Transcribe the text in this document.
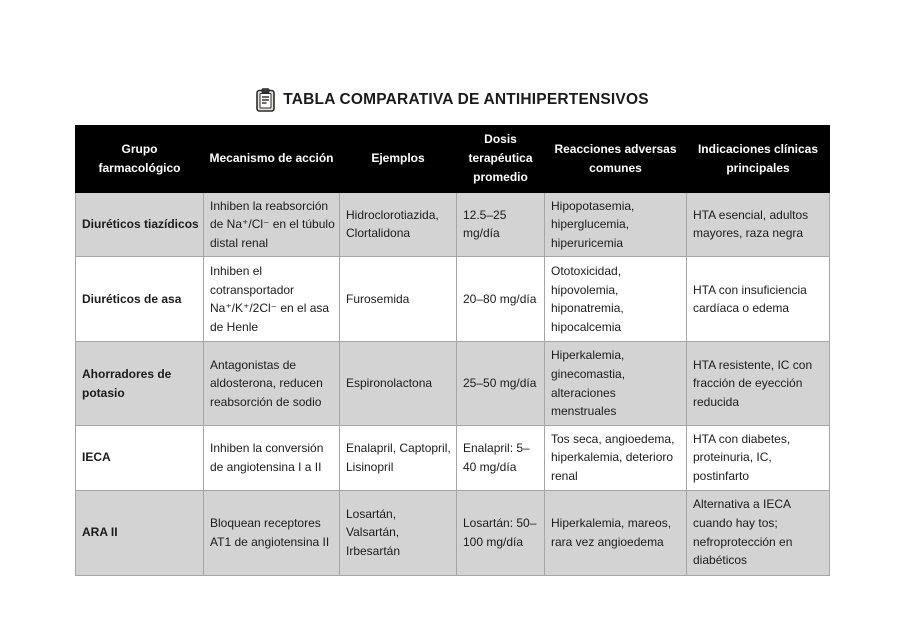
TABLA COMPARATIVA DE ANTIHIPERTENSIVOS
Grupo farmacológico	Mecanismo de acción	Ejemplos	Dosis terapéutica promedio	Reacciones adversas comunes	Indicaciones clínicas principales
Diuréticos tiazídicos	Inhiben la reabsorción de Na⁺/Cl⁻ en el túbulo distal renal	Hidroclorotiazida, Clortalidona	12.5–25 mg/día	Hipopotasemia, hiperglucemia, hiperuricemia	HTA esencial, adultos mayores, raza negra
Diuréticos de asa	Inhiben el cotransportador Na⁺/K⁺/2Cl⁻ en el asa de Henle	Furosemida	20–80 mg/día	Ototoxicidad, hipovolemia, hiponatremia, hipocalcemia	HTA con insuficiencia cardíaca o edema
Ahorradores de potasio	Antagonistas de aldosterona, reducen reabsorción de sodio	Espironolactona	25–50 mg/día	Hiperkalemia, ginecomastia, alteraciones menstruales	HTA resistente, IC con fracción de eyección reducida
IECA	Inhiben la conversión de angiotensina I a II	Enalapril, Captopril, Lisinopril	Enalapril: 5–40 mg/día	Tos seca, angioedema, hiperkalemia, deterioro renal	HTA con diabetes, proteinuria, IC, postinfarto
ARA II	Bloquean receptores AT1 de angiotensina II	Losartán, Valsartán, Irbesartán	Losartán: 50–100 mg/día	Hiperkalemia, mareos, rara vez angioedema	Alternativa a IECA cuando hay tos; nefroprotección en diabéticos
